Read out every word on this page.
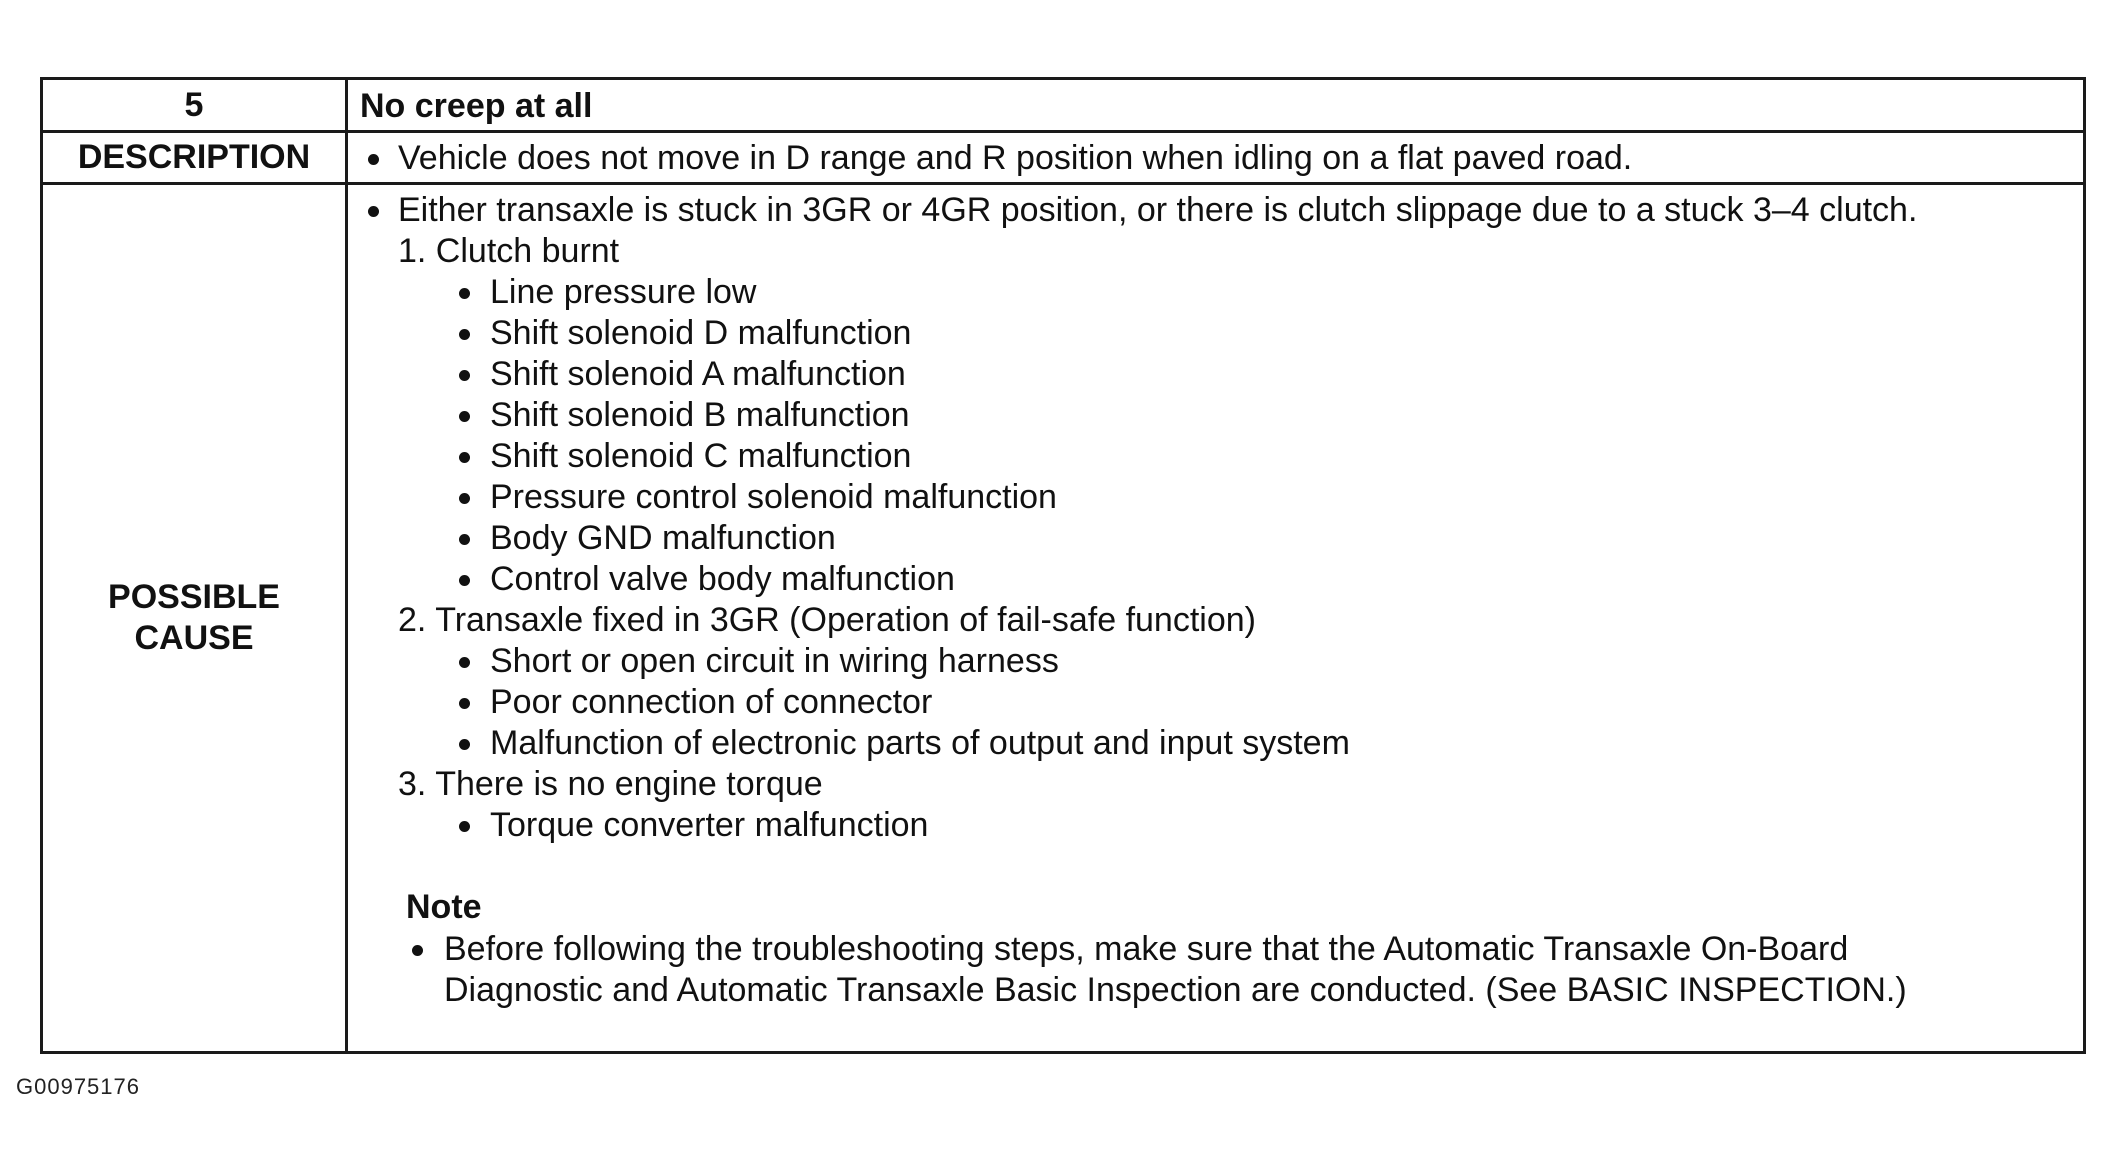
5	No creep at all
DESCRIPTION	Vehicle does not move in D range and R position when idling on a flat paved road.
POSSIBLE
CAUSE
Either transaxle is stuck in 3GR or 4GR position, or there is clutch slippage due to a stuck 3–4 clutch.
1. Clutch burnt
Line pressure low
Shift solenoid D malfunction
Shift solenoid A malfunction
Shift solenoid B malfunction
Shift solenoid C malfunction
Pressure control solenoid malfunction
Body GND malfunction
Control valve body malfunction
2. Transaxle fixed in 3GR (Operation of fail-safe function)
Short or open circuit in wiring harness
Poor connection of connector
Malfunction of electronic parts of output and input system
3. There is no engine torque
Torque converter malfunction
Note
Before following the troubleshooting steps, make sure that the Automatic Transaxle On-Board
Diagnostic and Automatic Transaxle Basic Inspection are conducted. (See BASIC INSPECTION.)
G00975176
